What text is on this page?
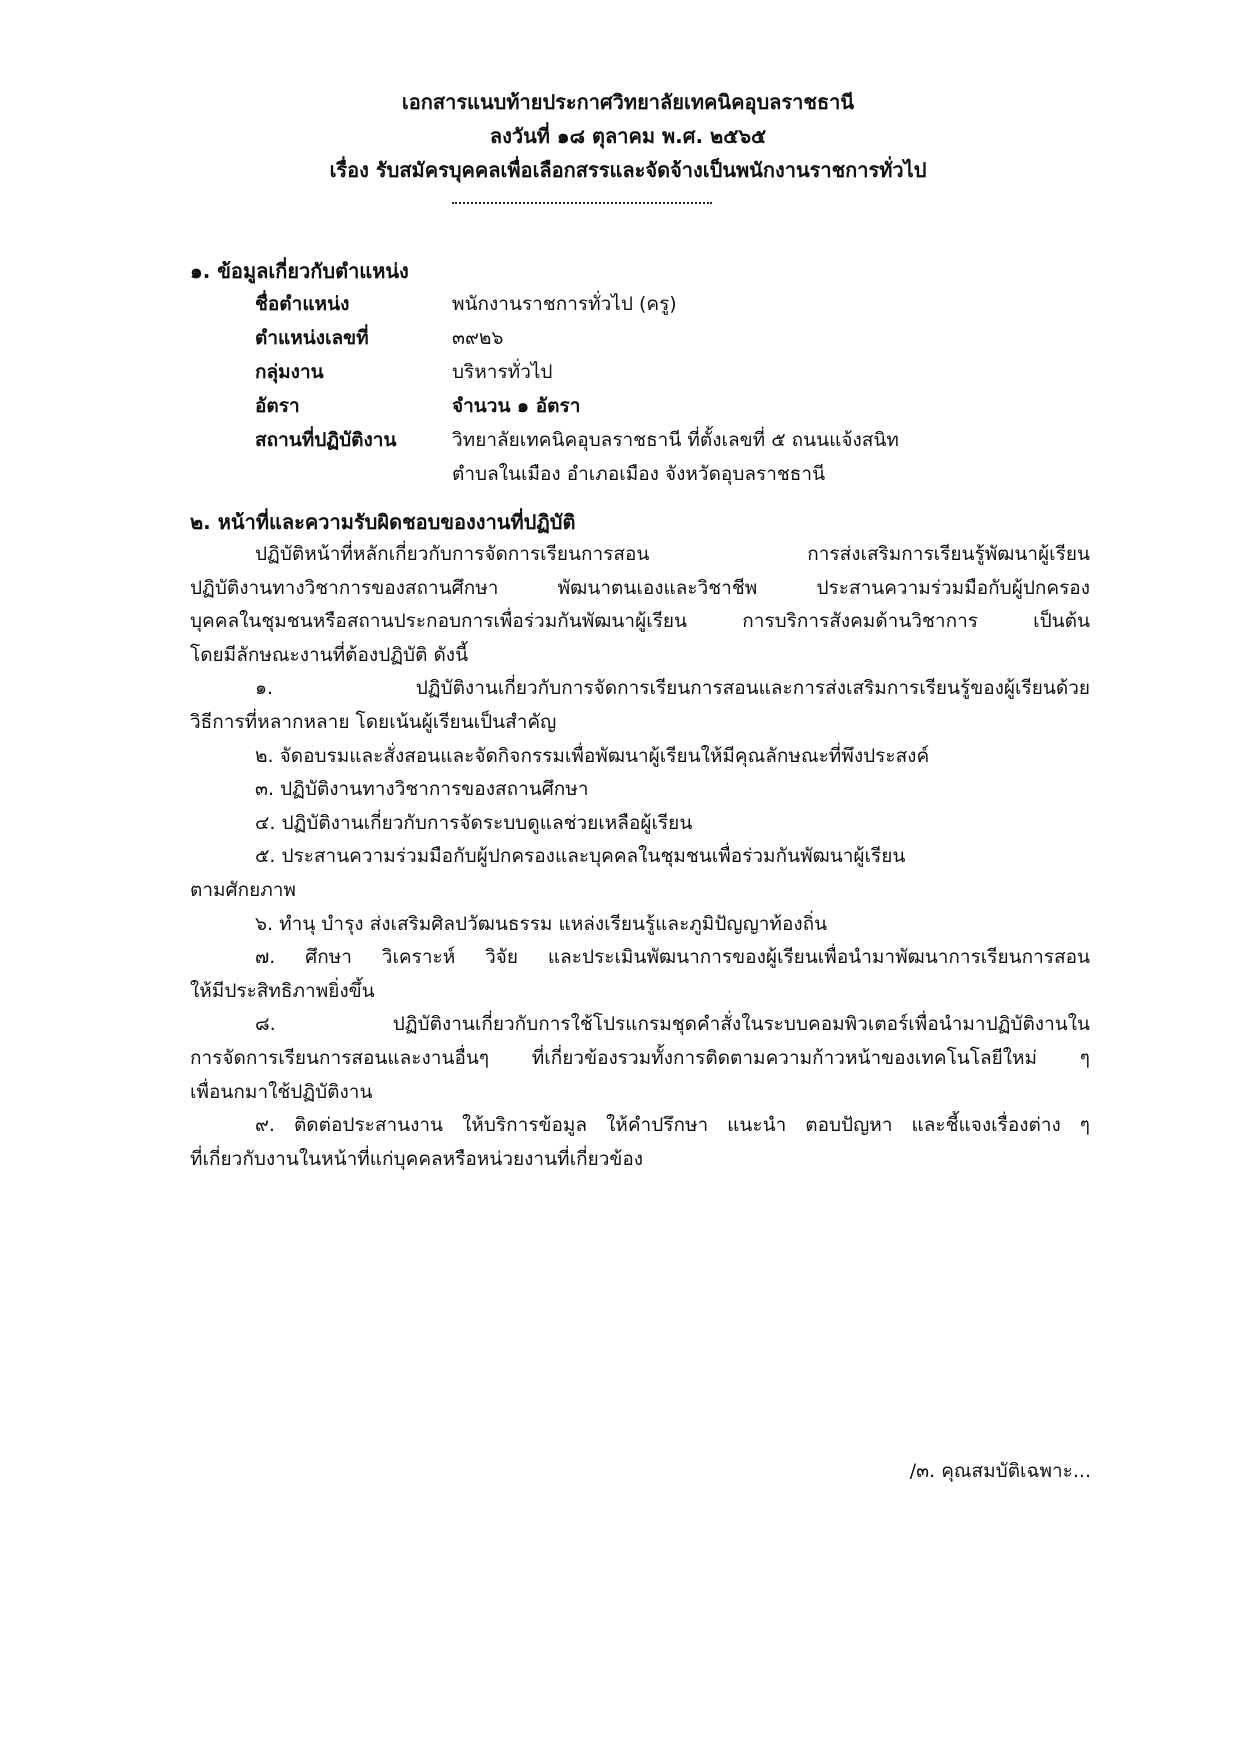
เอกสารแนบท้ายประกาศวิทยาลัยเทคนิคอุบลราชธานี
ลงวันที่ ๑๘ ตุลาคม พ.ศ. ๒๕๖๕
เรื่อง รับสมัครบุคคลเพื่อเลือกสรรและจัดจ้างเป็นพนักงานราชการทั่วไป
๑. ข้อมูลเกี่ยวกับตำแหน่ง
ชื่อตำแหน่ง	พนักงานราชการทั่วไป (ครู)
ตำแหน่งเลขที่	๓๙๒๖
กลุ่มงาน	บริหารทั่วไป
อัตรา	จำนวน ๑ อัตรา
สถานที่ปฏิบัติงาน	วิทยาลัยเทคนิคอุบลราชธานี ที่ตั้งเลขที่ ๕ ถนนแจ้งสนิท
ตำบลในเมือง อำเภอเมือง จังหวัดอุบลราชธานี
๒. หน้าที่และความรับผิดชอบของงานที่ปฏิบัติ
ปฏิบัติหน้าที่หลักเกี่ยวกับการจัดการเรียนการสอน การส่งเสริมการเรียนรู้พัฒนาผู้เรียน
ปฏิบัติงานทางวิชาการของสถานศึกษา พัฒนาตนเองและวิชาชีพ ประสานความร่วมมือกับผู้ปกครอง
บุคคลในชุมชนหรือสถานประกอบการเพื่อร่วมกันพัฒนาผู้เรียน การบริการสังคมด้านวิชาการ เป็นต้น
โดยมีลักษณะงานที่ต้องปฏิบัติ ดังนี้
๑. ปฏิบัติงานเกี่ยวกับการจัดการเรียนการสอนและการส่งเสริมการเรียนรู้ของผู้เรียนด้วย
วิธีการที่หลากหลาย โดยเน้นผู้เรียนเป็นสำคัญ
๒. จัดอบรมและสั่งสอนและจัดกิจกรรมเพื่อพัฒนาผู้เรียนให้มีคุณลักษณะที่พึงประสงค์
๓. ปฏิบัติงานทางวิชาการของสถานศึกษา
๔. ปฏิบัติงานเกี่ยวกับการจัดระบบดูแลช่วยเหลือผู้เรียน
๕. ประสานความร่วมมือกับผู้ปกครองและบุคคลในชุมชนเพื่อร่วมกันพัฒนาผู้เรียน
ตามศักยภาพ
๖. ทำนุ บำรุง ส่งเสริมศิลปวัฒนธรรม แหล่งเรียนรู้และภูมิปัญญาท้องถิ่น
๗. ศึกษา วิเคราะห์ วิจัย และประเมินพัฒนาการของผู้เรียนเพื่อนำมาพัฒนาการเรียนการสอน
ให้มีประสิทธิภาพยิ่งขึ้น
๘. ปฏิบัติงานเกี่ยวกับการใช้โปรแกรมชุดคำสั่งในระบบคอมพิวเตอร์เพื่อนำมาปฏิบัติงานใน
การจัดการเรียนการสอนและงานอื่นๆ ที่เกี่ยวข้องรวมทั้งการติดตามความก้าวหน้าของเทคโนโลยีใหม่ ๆ
เพื่อนกมาใช้ปฏิบัติงาน
๙. ติดต่อประสานงาน ให้บริการข้อมูล ให้คำปรึกษา แนะนำ ตอบปัญหา และชี้แจงเรื่องต่าง ๆ
ที่เกี่ยวกับงานในหน้าที่แก่บุคคลหรือหน่วยงานที่เกี่ยวข้อง
/๓. คุณสมบัติเฉพาะ...
